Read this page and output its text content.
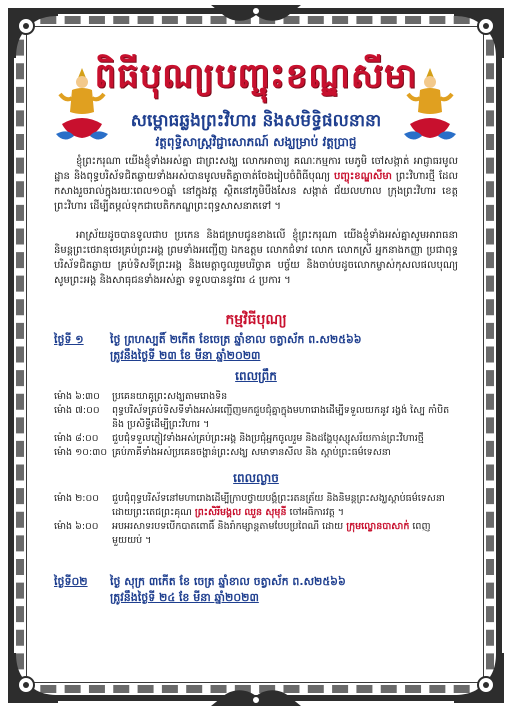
ពិធីបុណ្យបញ្ចុះខណ្ឌសីមា
សម្ពោធឆ្លងព្រះវិហារ និងសមិទ្ធិផលនានា
វត្តពុទ្ធិសាស្ត្រវិជ្ជាសោភណ៍ សង្ឃម្រាប់ វត្តប្រាជ្ញ
ខ្ញុំព្រះករុណា យើងខ្ញុំទាំងអស់គ្នា ជាព្រះសង្ឃ លោកអាចារ្យ គណៈកម្មការ មេភូមិ ចៅសង្កាត់ អាជ្ញាធរមូលដ្ឋាន និងពុទ្ធបរិស័ទជិតឆ្ងាយទាំងអស់បានមូលមតិគ្នាចាត់ចែងរៀបចំពិធីបុណ្យ បញ្ចុះខណ្ឌសីមា ព្រះវិហារថ្មី ដែលកសាងរួចរាល់ក្នុងរយៈពេល១០ឆ្នាំ នៅក្នុងវត្ត ស្ថិតនៅភូមិបឹងសែន សង្កាត់ ជ័យលហាល ក្រុងព្រះវិហារ ខេត្តព្រះវិហារ ដើម្បីតម្កល់ទុកជាបេតិកភណ្ឌព្រះពុទ្ធសាសនាតទៅ ។
អាស្រ័យដូចបានទូលជាប ប្រកេន និងជម្រាបជូនខាងលើ ខ្ញុំព្រះករុណា យើងខ្ញុំទាំងអស់គ្នាសូមអារាធនា និមន្តព្រះថេរានុថេរគ្រប់ព្រះអង្គ ព្រមទាំងអញ្ជើញ ឯកឧត្តម លោកជំទាវ លោក លោកស្រី អ្នកនាងកញ្ញា ប្រជាពុទ្ធបរិស័ទជិតឆ្ងាយ គ្រប់ទិសទីព្រះអង្គ និងមេត្តាចូលរួមបរិច្ចាគ បច្ច័យ និងចាប់បដូចលោកម្ចាស់កុសលផលបុណ្យ សូមព្រះអង្គ និងសាធុជនទាំងអស់គ្នា ទទួលបាននូវពរ ៤ ប្រការ ។
កម្មវិធីបុណ្យ
ថ្ងៃទី ១ ថ្ងៃ ព្រហស្បតិ៍ ២កើត ខែចេត្រ ឆ្នាំខាល ចត្វាស័ក ព.ស២៥៦៦
ត្រូវនឹងថ្ងៃទី ២៣ ខែ មីនា ឆ្នាំ២០២៣
ពេលព្រឹក
ម៉ោង ៦:៣០	ប្រគេនយាគូព្រះសង្ឃតាមរោងទិន
ម៉ោង ៧:០០	ពុទ្ធបរិស័ទគ្រប់ទិសទីទាំងអស់អញ្ជើញមកជួបជុំគ្នាក្នុងមហារោងដើម្បីទទួលយកនូវ រង្វង់ ស្បៃ កាំបិត និង ប្រសិទ្ធីដើម្បីព្រះវិហារ ។
ម៉ោង ៨:០០	ជួបជុំទទួលភ្ញៀវទាំងអស់គ្រប់ព្រះអង្គ និងប្រជុំអ្នកចូលរួម និងដង្ហែបុស្សុសរ័យកាន់ព្រះវិហារថ្មី
ម៉ោង ១០:៣០ គ្រប់ភាគីទាំងអស់ប្រគេនចង្ហាន់ព្រះសង្ឃ សមាទានសីល និង ស្តាប់ព្រះធម៌ទេសនា
ពេលល្ងាច
ម៉ោង ២:០០	ជួបជុំពុទ្ធបរិស័ទនៅមហារោងដើម្បីក្រាបថ្វាយបង្គំព្រះរតនត្រ័យ និងនិមន្តព្រះសង្ឃស្តាប់ធម៌ទេសនា ដោយព្រះតេជព្រះគុណ ព្រះសិរីមង្គល ឈួន សុមុនី ចៅអធិការវត្ត ។
ម៉ោង ៦:០០	អបអរសាទរបទបើកបាតពោធិ៍ និងរាំកម្សាន្តតាមបែបប្រពៃណី ដោយ ក្រុមល្ខោនបាសាក់ ពេញមួយយប់ ។
ថ្ងៃទី០២ ថ្ងៃ សុក្រ ៣កើត ខែ ចេត្រ ឆ្នាំខាល ចត្វាស័ក ព.ស២៥៦៦
ត្រូវនឹងថ្ងៃទី ២៤ ខែ មីនា ឆ្នាំ២០២៣
